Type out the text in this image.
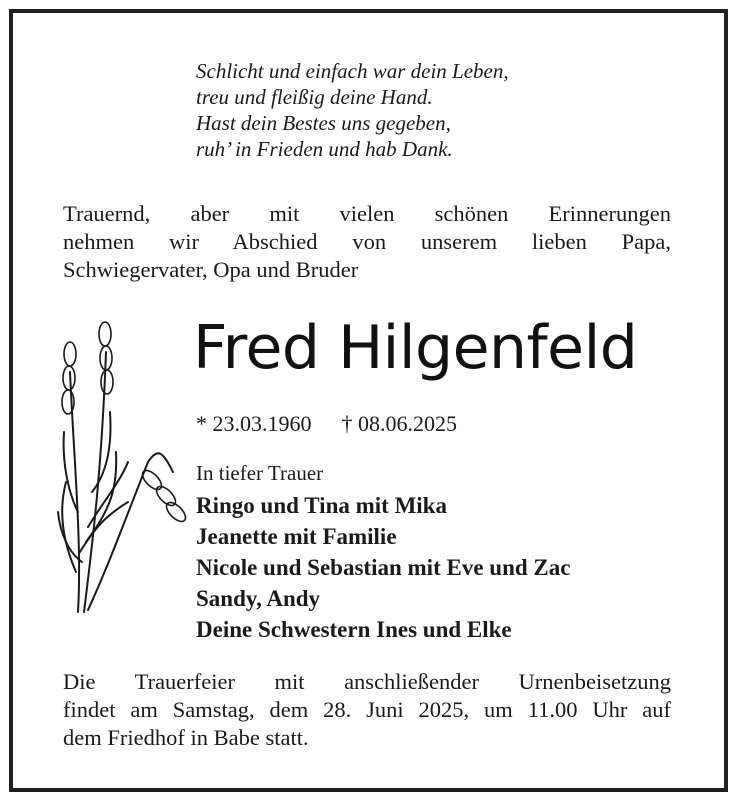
Schlicht und einfach war dein Leben,
treu und fleißig deine Hand.
Hast dein Bestes uns gegeben,
ruh’ in Frieden und hab Dank.
Trauernd, aber mit vielen schönen Erinnerungen
nehmen wir Abschied von unserem lieben Papa,
Schwiegervater, Opa und Bruder
Fred Hilgenfeld
* 23.03.1960 † 08.06.2025
In tiefer Trauer
Ringo und Tina mit Mika
Jeanette mit Familie
Nicole und Sebastian mit Eve und Zac
Sandy, Andy
Deine Schwestern Ines und Elke
Die Trauerfeier mit anschließender Urnenbeisetzung
findet am Samstag, dem 28. Juni 2025, um 11.00 Uhr auf
dem Friedhof in Babe statt.
